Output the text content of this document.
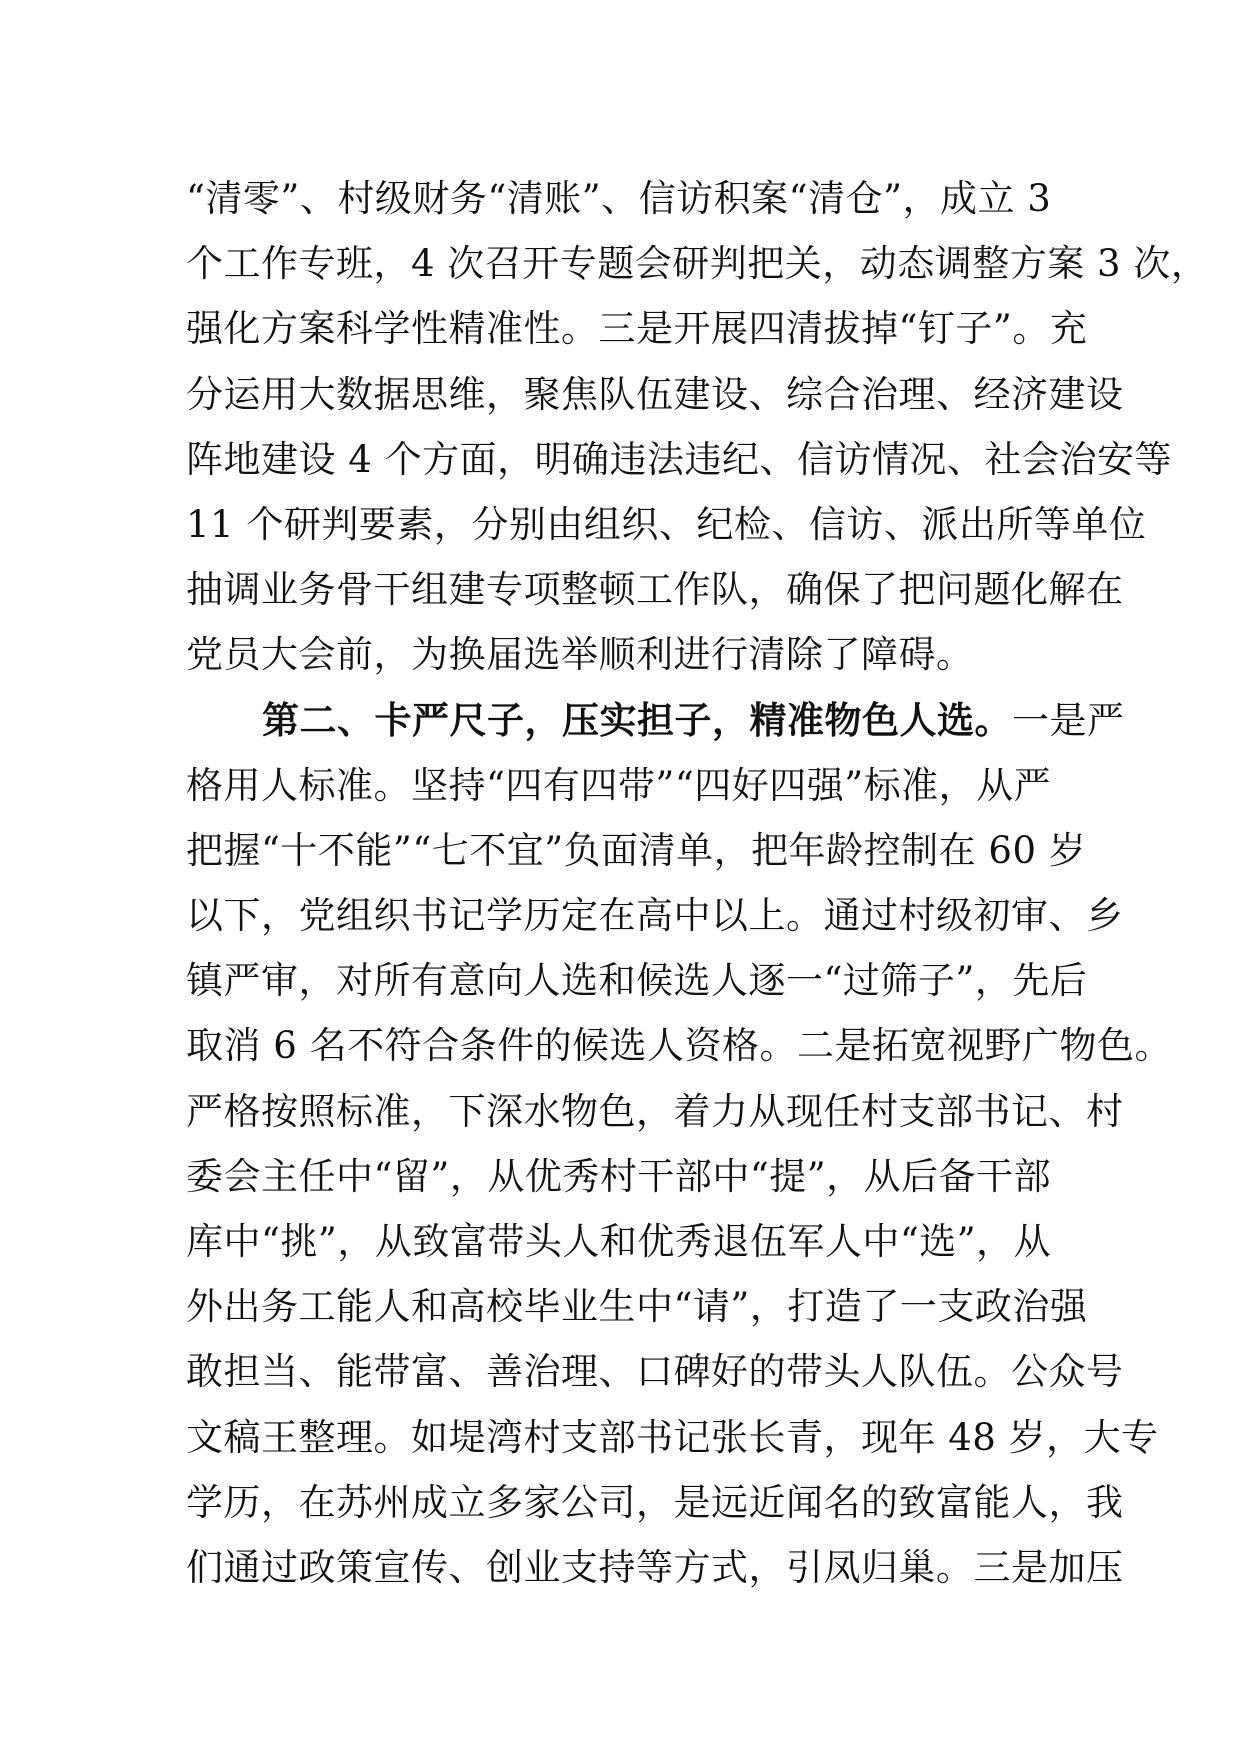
“清零”、村级财务“清账”、信访积案“清仓”，成立 3
个工作专班，4 次召开专题会研判把关，动态调整方案 3 次，
强化方案科学性精准性。三是开展四清拔掉“钉子”。充
分运用大数据思维，聚焦队伍建设、综合治理、经济建设
阵地建设 4 个方面，明确违法违纪、信访情况、社会治安等
11 个研判要素，分别由组织、纪检、信访、派出所等单位
抽调业务骨干组建专项整顿工作队，确保了把问题化解在
党员大会前，为换届选举顺利进行清除了障碍。
第二、卡严尺子，压实担子，精准物色人选。一是严
格用人标准。坚持“四有四带”“四好四强”标准，从严
把握“十不能”“七不宜”负面清单，把年龄控制在 60 岁
以下，党组织书记学历定在高中以上。通过村级初审、乡
镇严审，对所有意向人选和候选人逐一“过筛子”，先后
取消 6 名不符合条件的候选人资格。二是拓宽视野广物色。
严格按照标准，下深水物色，着力从现任村支部书记、村
委会主任中“留”，从优秀村干部中“提”，从后备干部
库中“挑”，从致富带头人和优秀退伍军人中“选”，从
外出务工能人和高校毕业生中“请”，打造了一支政治强
敢担当、能带富、善治理、口碑好的带头人队伍。公众号
文稿王整理。如堤湾村支部书记张长青，现年 48 岁，大专
学历，在苏州成立多家公司，是远近闻名的致富能人，我
们通过政策宣传、创业支持等方式，引凤归巢。三是加压
